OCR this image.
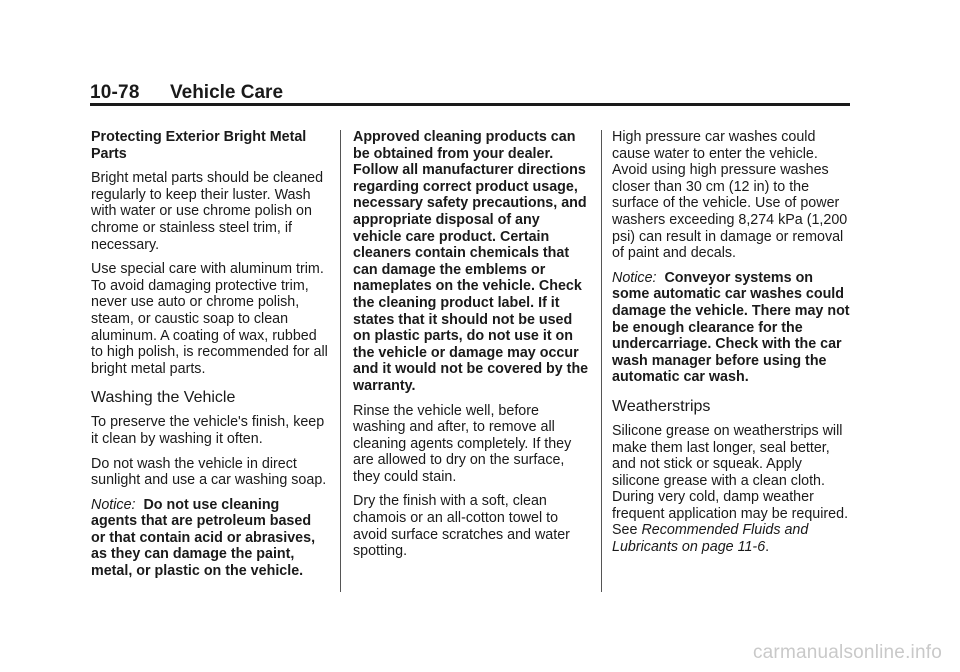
10-78 Vehicle Care

Protecting Exterior Bright Metal Parts

Bright metal parts should be cleaned regularly to keep their luster. Wash with water or use chrome polish on chrome or stainless steel trim, if necessary.

Use special care with aluminum trim. To avoid damaging protective trim, never use auto or chrome polish, steam, or caustic soap to clean aluminum. A coating of wax, rubbed to high polish, is recommended for all bright metal parts.

Washing the Vehicle

To preserve the vehicle's finish, keep it clean by washing it often.

Do not wash the vehicle in direct sunlight and use a car washing soap.

Notice: Do not use cleaning agents that are petroleum based or that contain acid or abrasives, as they can damage the paint, metal, or plastic on the vehicle.

Approved cleaning products can be obtained from your dealer. Follow all manufacturer directions regarding correct product usage, necessary safety precautions, and appropriate disposal of any vehicle care product. Certain cleaners contain chemicals that can damage the emblems or nameplates on the vehicle. Check the cleaning product label. If it states that it should not be used on plastic parts, do not use it on the vehicle or damage may occur and it would not be covered by the warranty.

Rinse the vehicle well, before washing and after, to remove all cleaning agents completely. If they are allowed to dry on the surface, they could stain.

Dry the finish with a soft, clean chamois or an all-cotton towel to avoid surface scratches and water spotting.

High pressure car washes could cause water to enter the vehicle. Avoid using high pressure washes closer than 30 cm (12 in) to the surface of the vehicle. Use of power washers exceeding 8,274 kPa (1,200 psi) can result in damage or removal of paint and decals.

Notice: Conveyor systems on some automatic car washes could damage the vehicle. There may not be enough clearance for the undercarriage. Check with the car wash manager before using the automatic car wash.

Weatherstrips

Silicone grease on weatherstrips will make them last longer, seal better, and not stick or squeak. Apply silicone grease with a clean cloth. During very cold, damp weather frequent application may be required. See Recommended Fluids and Lubricants on page 11-6.

carmanualsonline.info
